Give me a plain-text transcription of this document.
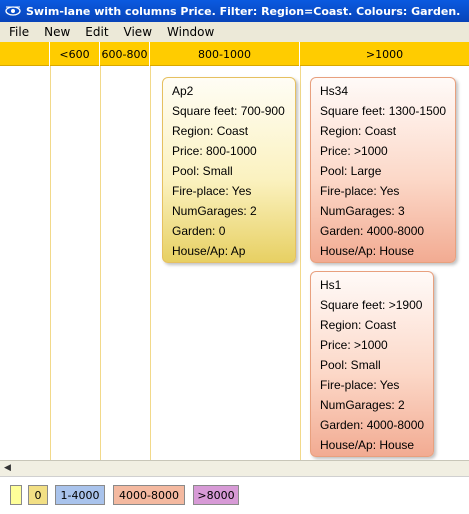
Swim-lane with columns Price. Filter: Region=Coast. Colours: Garden.
File	New	Edit	View	Window
<600	600-800	800-1000	>1000
Ap2
Square feet: 700-900
Region: Coast
Price: 800-1000
Pool: Small
Fire-place: Yes
NumGarages: 2
Garden: 0
House/Ap: Ap
Hs34
Square feet: 1300-1500
Region: Coast
Price: >1000
Pool: Large
Fire-place: Yes
NumGarages: 3
Garden: 4000-8000
House/Ap: House
Hs1
Square feet: >1900
Region: Coast
Price: >1000
Pool: Small
Fire-place: Yes
NumGarages: 2
Garden: 4000-8000
House/Ap: House
◀
0 1-4000 4000-8000 >8000
